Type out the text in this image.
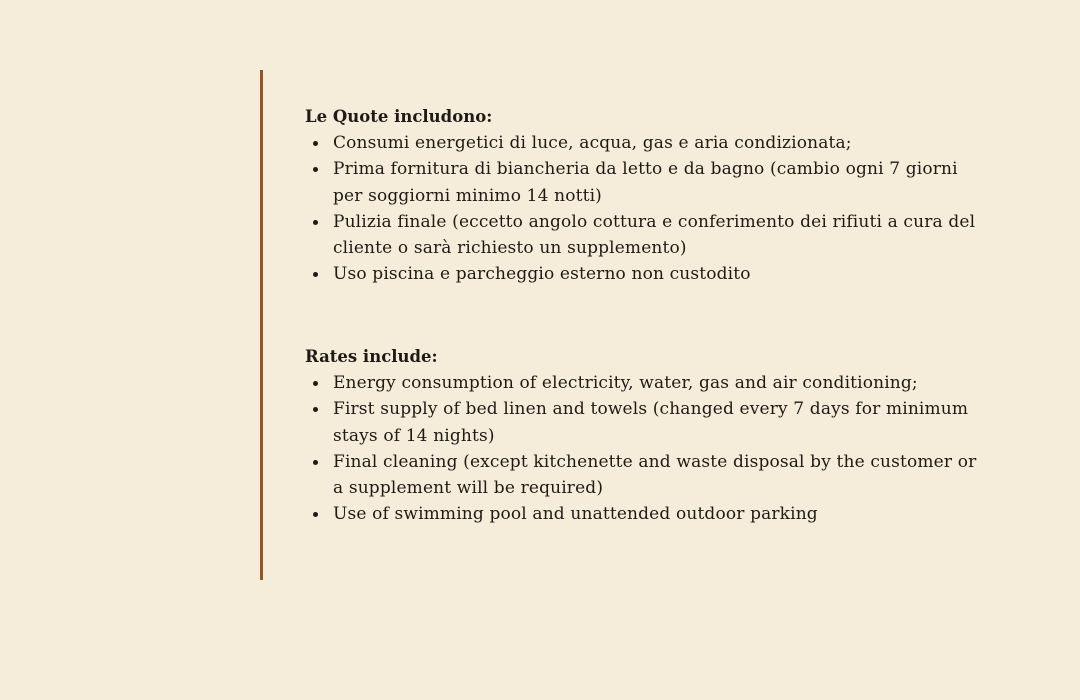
Le Quote includono:

Consumi energetici di luce, acqua, gas e aria condizionata;
Prima fornitura di biancheria da letto e da bagno (cambio ogni 7 giorni per soggiorni minimo 14 notti)
Pulizia finale (eccetto angolo cottura e conferimento dei rifiuti a cura del cliente o sarà richiesto un supplemento)
Uso piscina e parcheggio esterno non custodito

Rates include:

Energy consumption of electricity, water, gas and air conditioning;
First supply of bed linen and towels (changed every 7 days for minimum stays of 14 nights)
Final cleaning (except kitchenette and waste disposal by the customer or a supplement will be required)
Use of swimming pool and unattended outdoor parking
